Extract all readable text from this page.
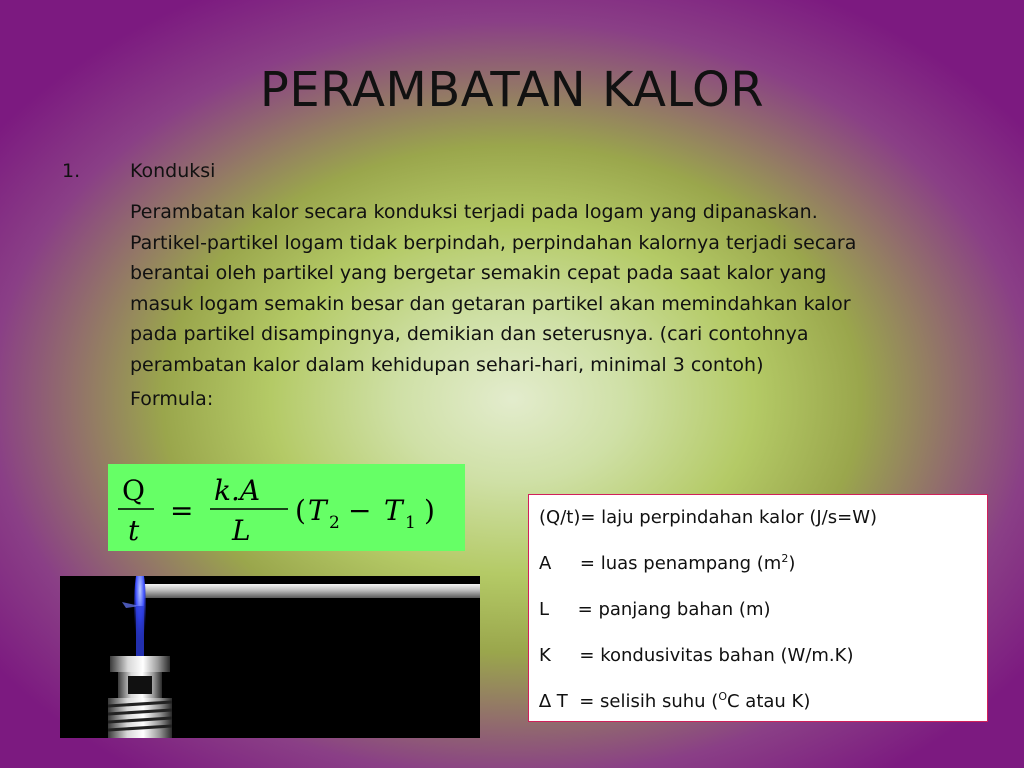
PERAMBATAN KALOR
1.	Konduksi
Perambatan kalor secara konduksi terjadi pada logam yang dipanaskan.
Partikel-partikel logam tidak berpindah, perpindahan kalornya terjadi secara
berantai oleh partikel yang bergetar semakin cepat pada saat kalor yang
masuk logam semakin besar dan getaran partikel akan memindahkan kalor
pada partikel disampingnya, demikian dan seterusnya. (cari contohnya
perambatan kalor dalam kehidupan sehari-hari, minimal 3 contoh)
Formula:
Q
t
=
k.A
L
( T 2 − T 1 )	(Q/t)= laju perpindahan kalor (J/s=W)
A     = luas penampang $(m^2)$
L     = panjang bahan (m)
K     = kondusivitas bahan (W/m.K)
∆ T  = selisih suhu ($^O$C atau K)
